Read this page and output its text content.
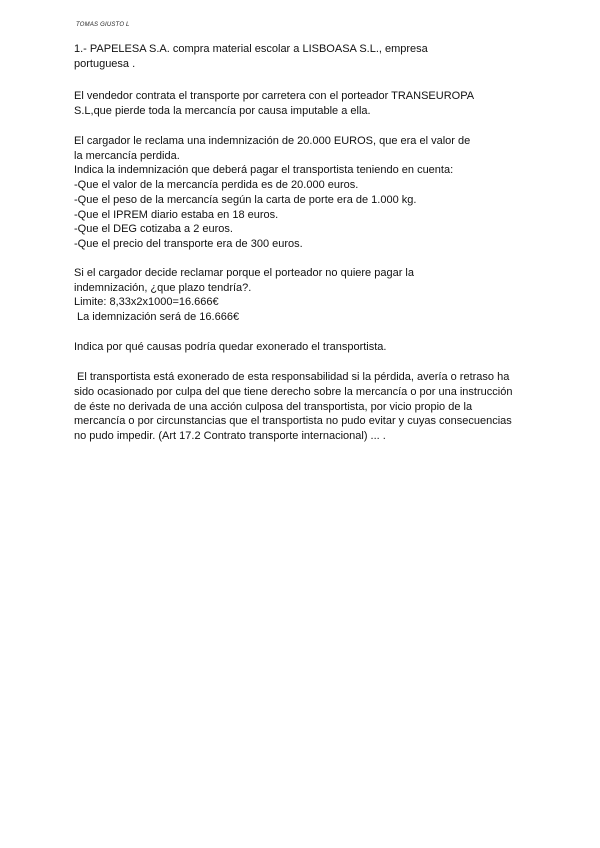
TOMAS GIUSTO L
1.- PAPELESA S.A. compra material escolar a LISBOASA S.L., empresa
portuguesa .
El vendedor contrata el transporte por carretera con el porteador TRANSEUROPA
S.L,que pierde toda la mercancía por causa imputable a ella.
El cargador le reclama una indemnización de 20.000 EUROS, que era el valor de
la mercancía perdida.
Indica la indemnización que deberá pagar el transportista teniendo en cuenta:
-Que el valor de la mercancía perdida es de 20.000 euros.
-Que el peso de la mercancía según la carta de porte era de 1.000 kg.
-Que el IPREM diario estaba en 18 euros.
-Que el DEG cotizaba a 2 euros.
-Que el precio del transporte era de 300 euros.
Si el cargador decide reclamar porque el porteador no quiere pagar la
indemnización, ¿que plazo tendría?.
Limite: 8,33x2x1000=16.666€
La idemnización será de 16.666€
Indica por qué causas podría quedar exonerado el transportista.
El transportista está exonerado de esta responsabilidad si la pérdida, avería o retraso ha
sido ocasionado por culpa del que tiene derecho sobre la mercancía o por una instrucción
de éste no derivada de una acción culposa del transportista, por vicio propio de la
mercancía o por circunstancias que el transportista no pudo evitar y cuyas consecuencias
no pudo impedir. (Art 17.2 Contrato transporte internacional) ... .
